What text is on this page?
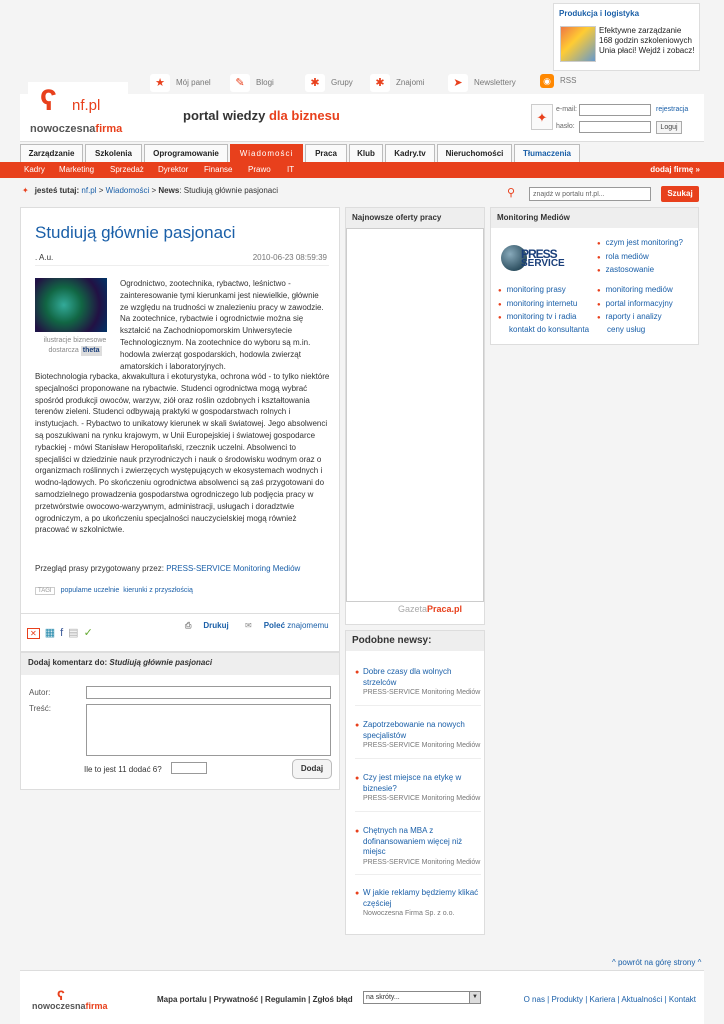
Produkcja i logistyka
Efektywne zarządzanie 168 godzin szkoleniowych Unia płaci! Wejdź i zobacz!
★ Mój panel	✎ Blogi	✱ Grupy	✱ Znajomi	➤ Newslettery	◉ RSS
ʕ nf.pl
nowoczesnafirma
portal wiedzy dla biznesu	✦
e-mail:
hasło:
rejestracja
Loguj
Zarządzanie	Szkolenia	Oprogramowanie	Wiadomości	Praca	Klub	Kadry.tv	Nieruchomości	Tłumaczenia
Kadry Marketing Sprzedaż Dyrektor Finanse Prawo IT	dodaj firmę »
✦ jesteś tutaj: nf.pl > Wiadomości > News: Studiują głównie pasjonaci	⚲
znajdź w portalu nf.pl...	Szukaj
Studiują głównie pasjonaci
. A.u.	2010-06-23 08:59:39
ilustracje biznesowe dostarcza theta
Ogrodnictwo, zootechnika, rybactwo, leśnictwo - zainteresowanie tymi kierunkami jest niewielkie, głównie ze względu na trudności w znalezieniu pracy w zawodzie. Na zootechnice, rybactwie i ogrodnictwie można się kształcić na Zachodniopomorskim Uniwersytecie Technologicznym. Na zootechnice do wyboru są m.in. hodowla zwierząt gospodarskich, hodowla zwierząt amatorskich i laboratoryjnych.
Biotechnologia rybacka, akwakultura i ekoturystyka, ochrona wód - to tylko niektóre specjalności proponowane na rybactwie. Studenci ogrodnictwa mogą wybrać spośród produkcji owoców, warzyw, ziół oraz roślin ozdobnych i kształtowania terenów zieleni. Studenci odbywają praktyki w gospodarstwach rolnych i instytucjach. - Rybactwo to unikatowy kierunek w skali światowej. Jego absolwenci są poszukiwani na rynku krajowym, w Unii Europejskiej i światowej gospodarce rybackiej - mówi Stanisław Heropolitański, rzecznik uczelni. Absolwenci to specjaliści w dziedzinie nauk przyrodniczych i nauk o środowisku wodnym oraz o organizmach roślinnych i zwierzęcych występujących w ekosystemach wodnych i wodno-lądowych. Po skończeniu ogrodnictwa absolwenci są zaś przygotowani do samodzielnego prowadzenia gospodarstwa ogrodniczego lub podjęcia pracy w przetwórstwie owocowo-warzywnym, administracji, usługach i doradztwie ogrodniczym, a po ukończeniu specjalności nauczycielskiej mogą również pracować w szkolnictwie.
Przegląd prasy przygotowany przez: PRESS-SERVICE Monitoring Mediów
TAGI popularne uczelnie kierunki z przyszłością
✕ ▦ f ▤ ✓
⎙ Drukuj ✉ Poleć znajomemu
Dodaj komentarz do: Studiują głównie pasjonaci
Autor:
Treść:
Ile to jest 11 dodać 6?	Dodaj
Najnowsze oferty pracy
GazetaPraca.pl
Podobne newsy:
● Dobre czasy dla wolnych strzelców
PRESS-SERVICE Monitoring Mediów
● Zapotrzebowanie na nowych specjalistów
PRESS-SERVICE Monitoring Mediów
● Czy jest miejsce na etykę w biznesie?
PRESS-SERVICE Monitoring Mediów
● Chętnych na MBA z dofinansowaniem więcej niż miejsc
PRESS-SERVICE Monitoring Mediów
● W jakie reklamy będziemy klikać częściej
Nowoczesna Firma Sp. z o.o.
Monitoring Mediów
PRESS
SERVICE
● czym jest monitoring?
● rola mediów
● zastosowanie
● monitoring prasy
● monitoring internetu
● monitoring tv i radia
● monitoring mediów
● portal informacyjny
● raporty i analizy
kontakt do konsultanta ceny usług
^ powrót na górę strony ^
ʕ
nowoczesnafirma
Mapa portalu | Prywatność | Regulamin | Zgłoś błąd	na skróty...	▼	O nas | Produkty | Kariera | Aktualności | Kontakt
